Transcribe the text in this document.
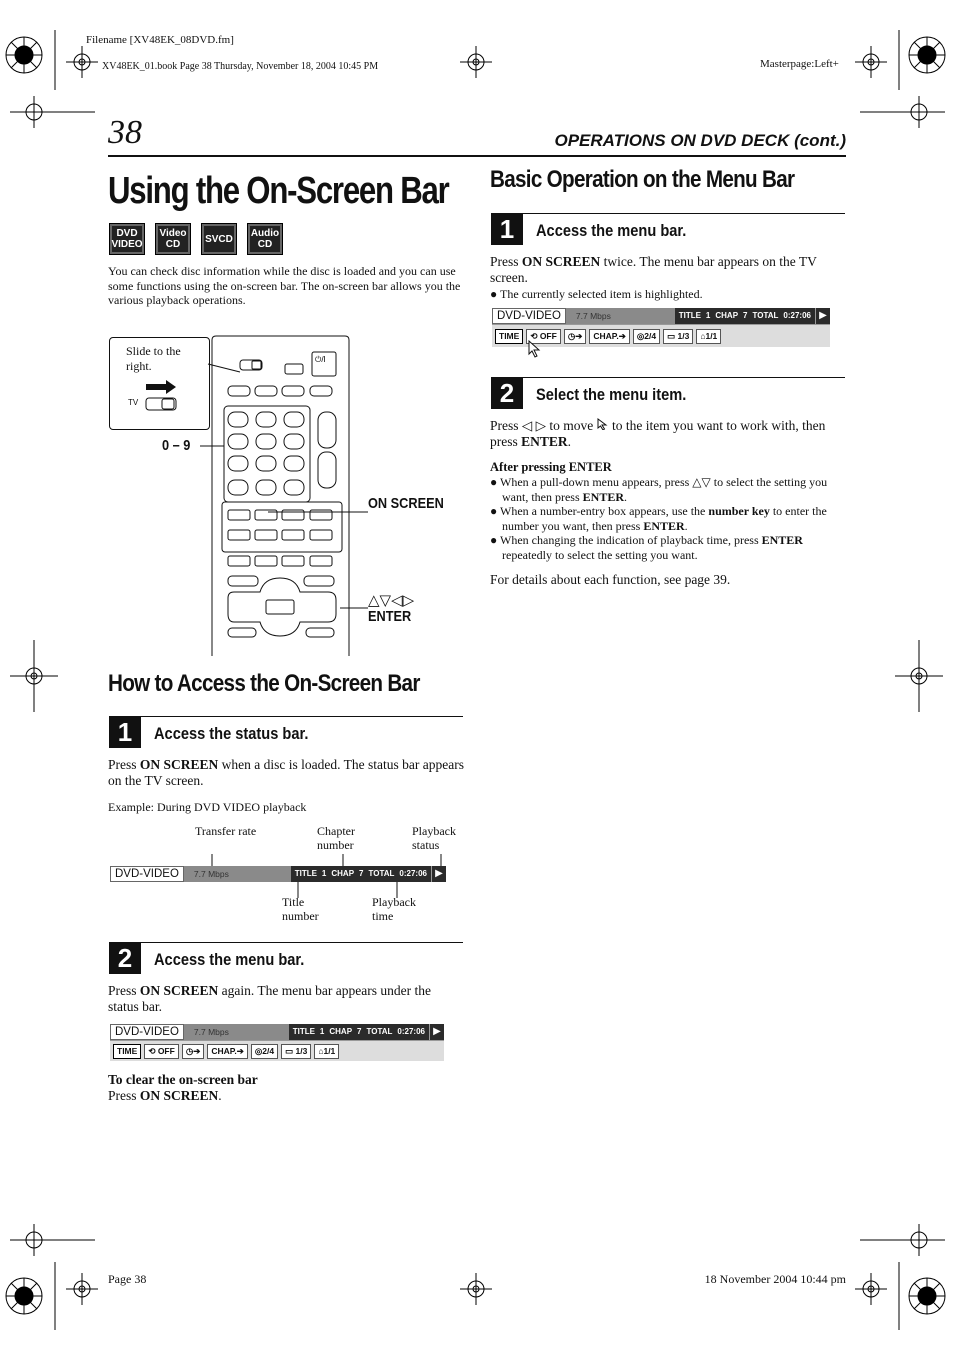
Filename [XV48EK_08DVD.fm]
XV48EK_01.book Page 38 Thursday, November 18, 2004 10:45 PM	Masterpage:Left+
38	OPERATIONS ON DVD DECK (cont.)
Using the On-Screen Bar
DVD VIDEO
Video CD	SVCD	Audio CD
You can check disc information while the disc is loaded and you can use some functions using the on-screen bar. The on-screen bar allows you the various playback operations.
Slide to the right.
TV
⏻/I
0 – 9
ON SCREEN
△▽◁▷
ENTER
How to Access the On-Screen Bar
1	Access the status bar.
Press ON SCREEN when a disc is loaded. The status bar appears on the TV screen.
Example: During DVD VIDEO playback
Transfer rate	Chapter number
Playback status
DVD-VIDEO	7.7 Mbps	TITLE 1 CHAP 7 TOTAL 0:27:06 ▶
Title number
Playback time
2	Access the menu bar.
Press ON SCREEN again. The menu bar appears under the status bar.
DVD-VIDEO	7.7 Mbps	TITLE 1 CHAP 7 TOTAL 0:27:06 ▶
TIME	⟲ OFF	◷➔	CHAP.➔	◎2/4	▭ 1/3	⌂1/1
To clear the on-screen bar
Press ON SCREEN.
Basic Operation on the Menu Bar
1	Access the menu bar.
Press ON SCREEN twice. The menu bar appears on the TV screen.
● The currently selected item is highlighted.
DVD-VIDEO	7.7 Mbps	TITLE 1 CHAP 7 TOTAL 0:27:06 ▶
TIME	⟲ OFF	◷➔	CHAP.➔	◎2/4	▭ 1/3	⌂1/1
2	Select the menu item.
Press ◁ ▷ to move  to the item you want to work with, then press ENTER.
After pressing ENTER
● When a pull-down menu appears, press △▽ to select the setting you want, then press ENTER.
● When a number-entry box appears, use the number key to enter the number you want, then press ENTER.
● When changing the indication of playback time, press ENTER repeatedly to select the setting you want.
For details about each function, see page 39.
Page 38	18 November 2004 10:44 pm
